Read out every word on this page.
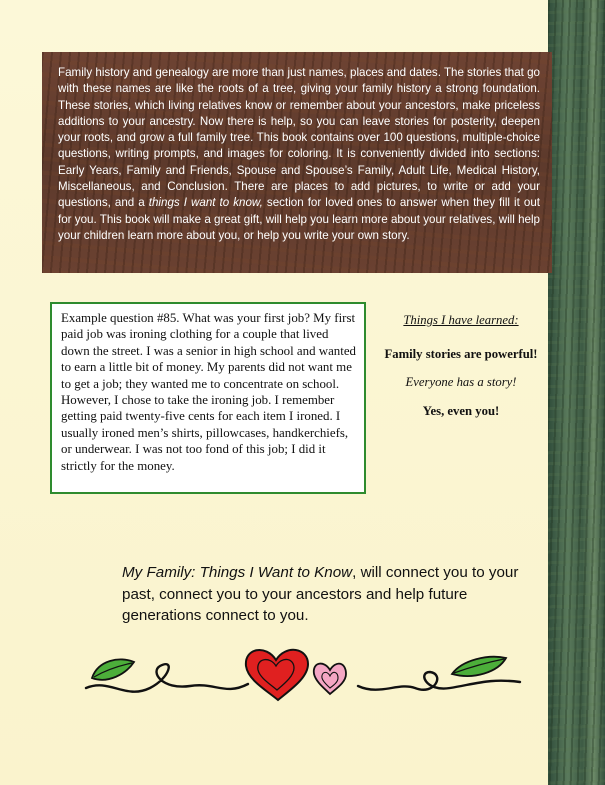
Family history and genealogy are more than just names, places and dates. The stories that go with these names are like the roots of a tree, giving your family history a strong foundation. These stories, which living relatives know or remember about your ancestors, make priceless additions to your ancestry. Now there is help, so you can leave stories for posterity, deepen your roots, and grow a full family tree. This book contains over 100 questions, multiple-choice questions, writing prompts, and images for coloring. It is conveniently divided into sections: Early Years, Family and Friends, Spouse and Spouse’s Family, Adult Life, Medical History, Miscellaneous, and Conclusion. There are places to add pictures, to write or add your questions, and a things I want to know, section for loved ones to answer when they fill it out for you. This book will make a great gift, will help you learn more about your relatives, will help your children learn more about you, or help you write your own story.

Example question #85. What was your first job? My first paid job was ironing clothing for a couple that lived down the street. I was a senior in high school and wanted to earn a little bit of money. My parents did not want me to get a job; they wanted me to concentrate on school. However, I chose to take the ironing job. I remember getting paid twenty-five cents for each item I ironed. I usually ironed men’s shirts, pillowcases, handkerchiefs, or underwear. I was not too fond of this job; I did it strictly for the money.

Things I have learned:

Family stories are powerful!

Everyone has a story!

Yes, even you!

My Family: Things I Want to Know, will connect you to your past, connect you to your ancestors and help future generations connect to you.
